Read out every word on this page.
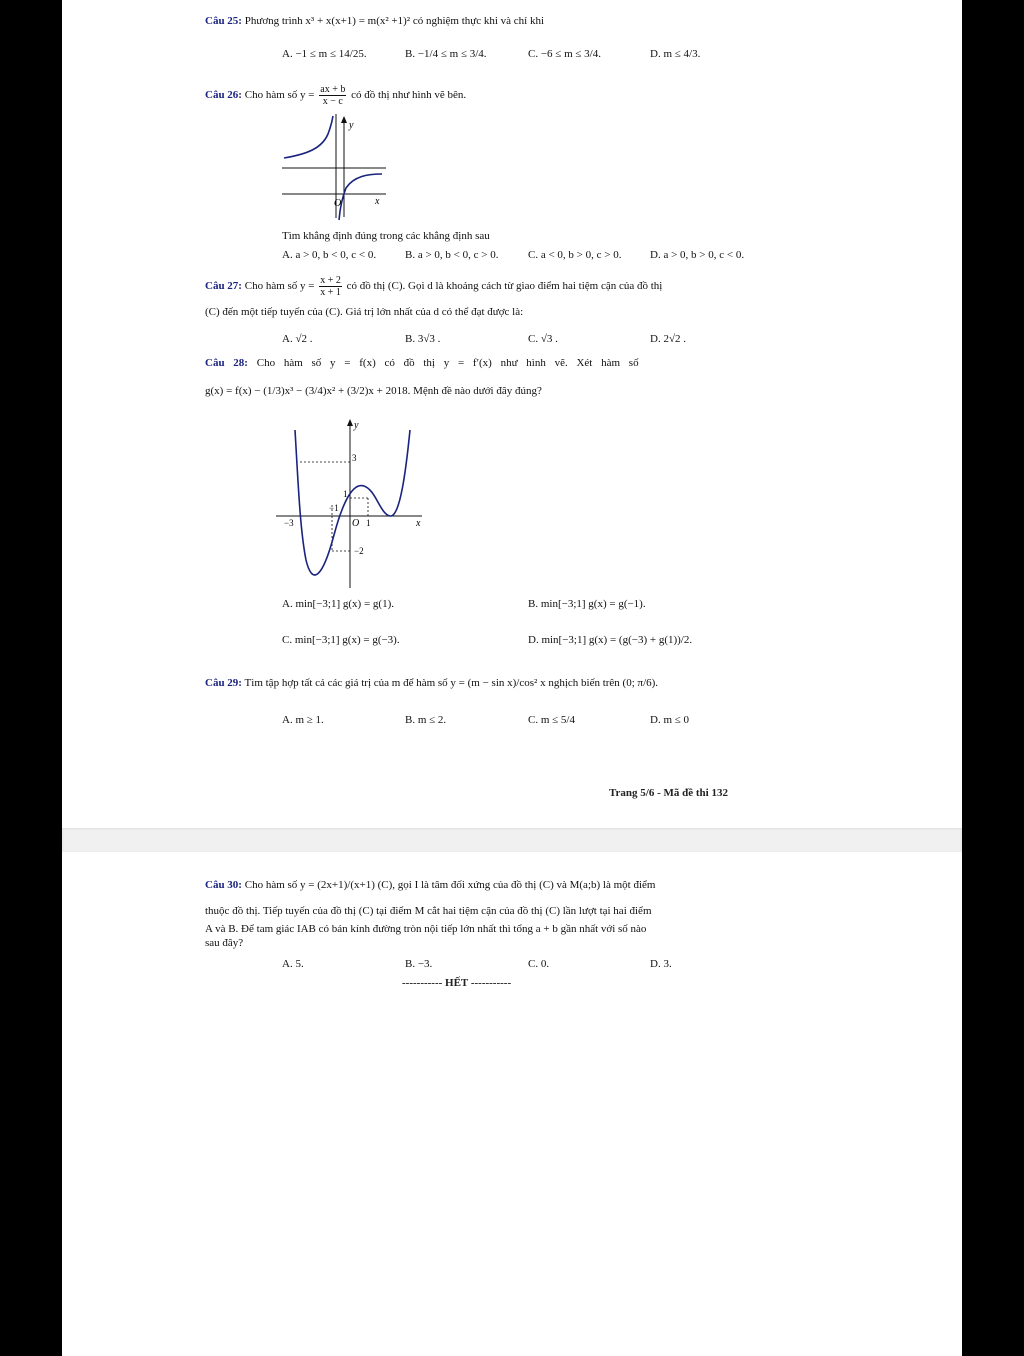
Câu 25: Phương trình x³ + x(x+1) = m(x² +1)² có nghiệm thực khi và chỉ khi
A. −1 ≤ m ≤ 14/25.	B. −1/4 ≤ m ≤ 3/4.	C. −6 ≤ m ≤ 3/4.	D. m ≤ 4/3.
Câu 26: Cho hàm số $y = \frac{ax + b}{x - c}$ có đồ thị như hình vẽ bên.
y
x
O
Tìm khẳng định đúng trong các khẳng định sau
A. a > 0, b < 0, c < 0.	B. a > 0, b < 0, c > 0.	C. a < 0, b > 0, c > 0.	D. a > 0, b > 0, c < 0.
Câu 27: Cho hàm số $y = \frac{x + 2}{x + 1}$ có đồ thị (C). Gọi d là khoảng cách từ giao điểm hai tiệm cận của đồ thị
(C) đến một tiếp tuyến của (C). Giá trị lớn nhất của d có thể đạt được là:
A. √2 .	B. 3√3 .	C. √3 .	D. 2√2 .
Câu 28: Cho hàm số y = f(x) có đồ thị y = f′(x) như hình vẽ. Xét hàm số
g(x) = f(x) − (1/3)x³ − (3/4)x² + (3/2)x + 2018. Mệnh đề nào dưới đây đúng?
y
x
3
1
−1
−3	O 1
−2
A. min[−3;1] g(x) = g(1).	B. min[−3;1] g(x) = g(−1).
C. min[−3;1] g(x) = g(−3).	D. min[−3;1] g(x) = (g(−3) + g(1))/2.
Câu 29: Tìm tập hợp tất cả các giá trị của m để hàm số y = (m − sin x)/cos² x nghịch biến trên (0; π/6).
A. m ≥ 1.	B. m ≤ 2.	C. m ≤ 5/4	D. m ≤ 0
Trang 5/6 - Mã đề thi 132
Câu 30: Cho hàm số y = (2x+1)/(x+1) (C), gọi I là tâm đối xứng của đồ thị (C) và M(a;b) là một điểm
thuộc đồ thị. Tiếp tuyến của đồ thị (C) tại điểm M cắt hai tiệm cận của đồ thị (C) lần lượt tại hai điểm
A và B. Để tam giác IAB có bán kính đường tròn nội tiếp lớn nhất thì tổng a + b gần nhất với số nào
sau đây?
A. 5.	B. −3.	C. 0.	D. 3.
----------- HẾT -----------
